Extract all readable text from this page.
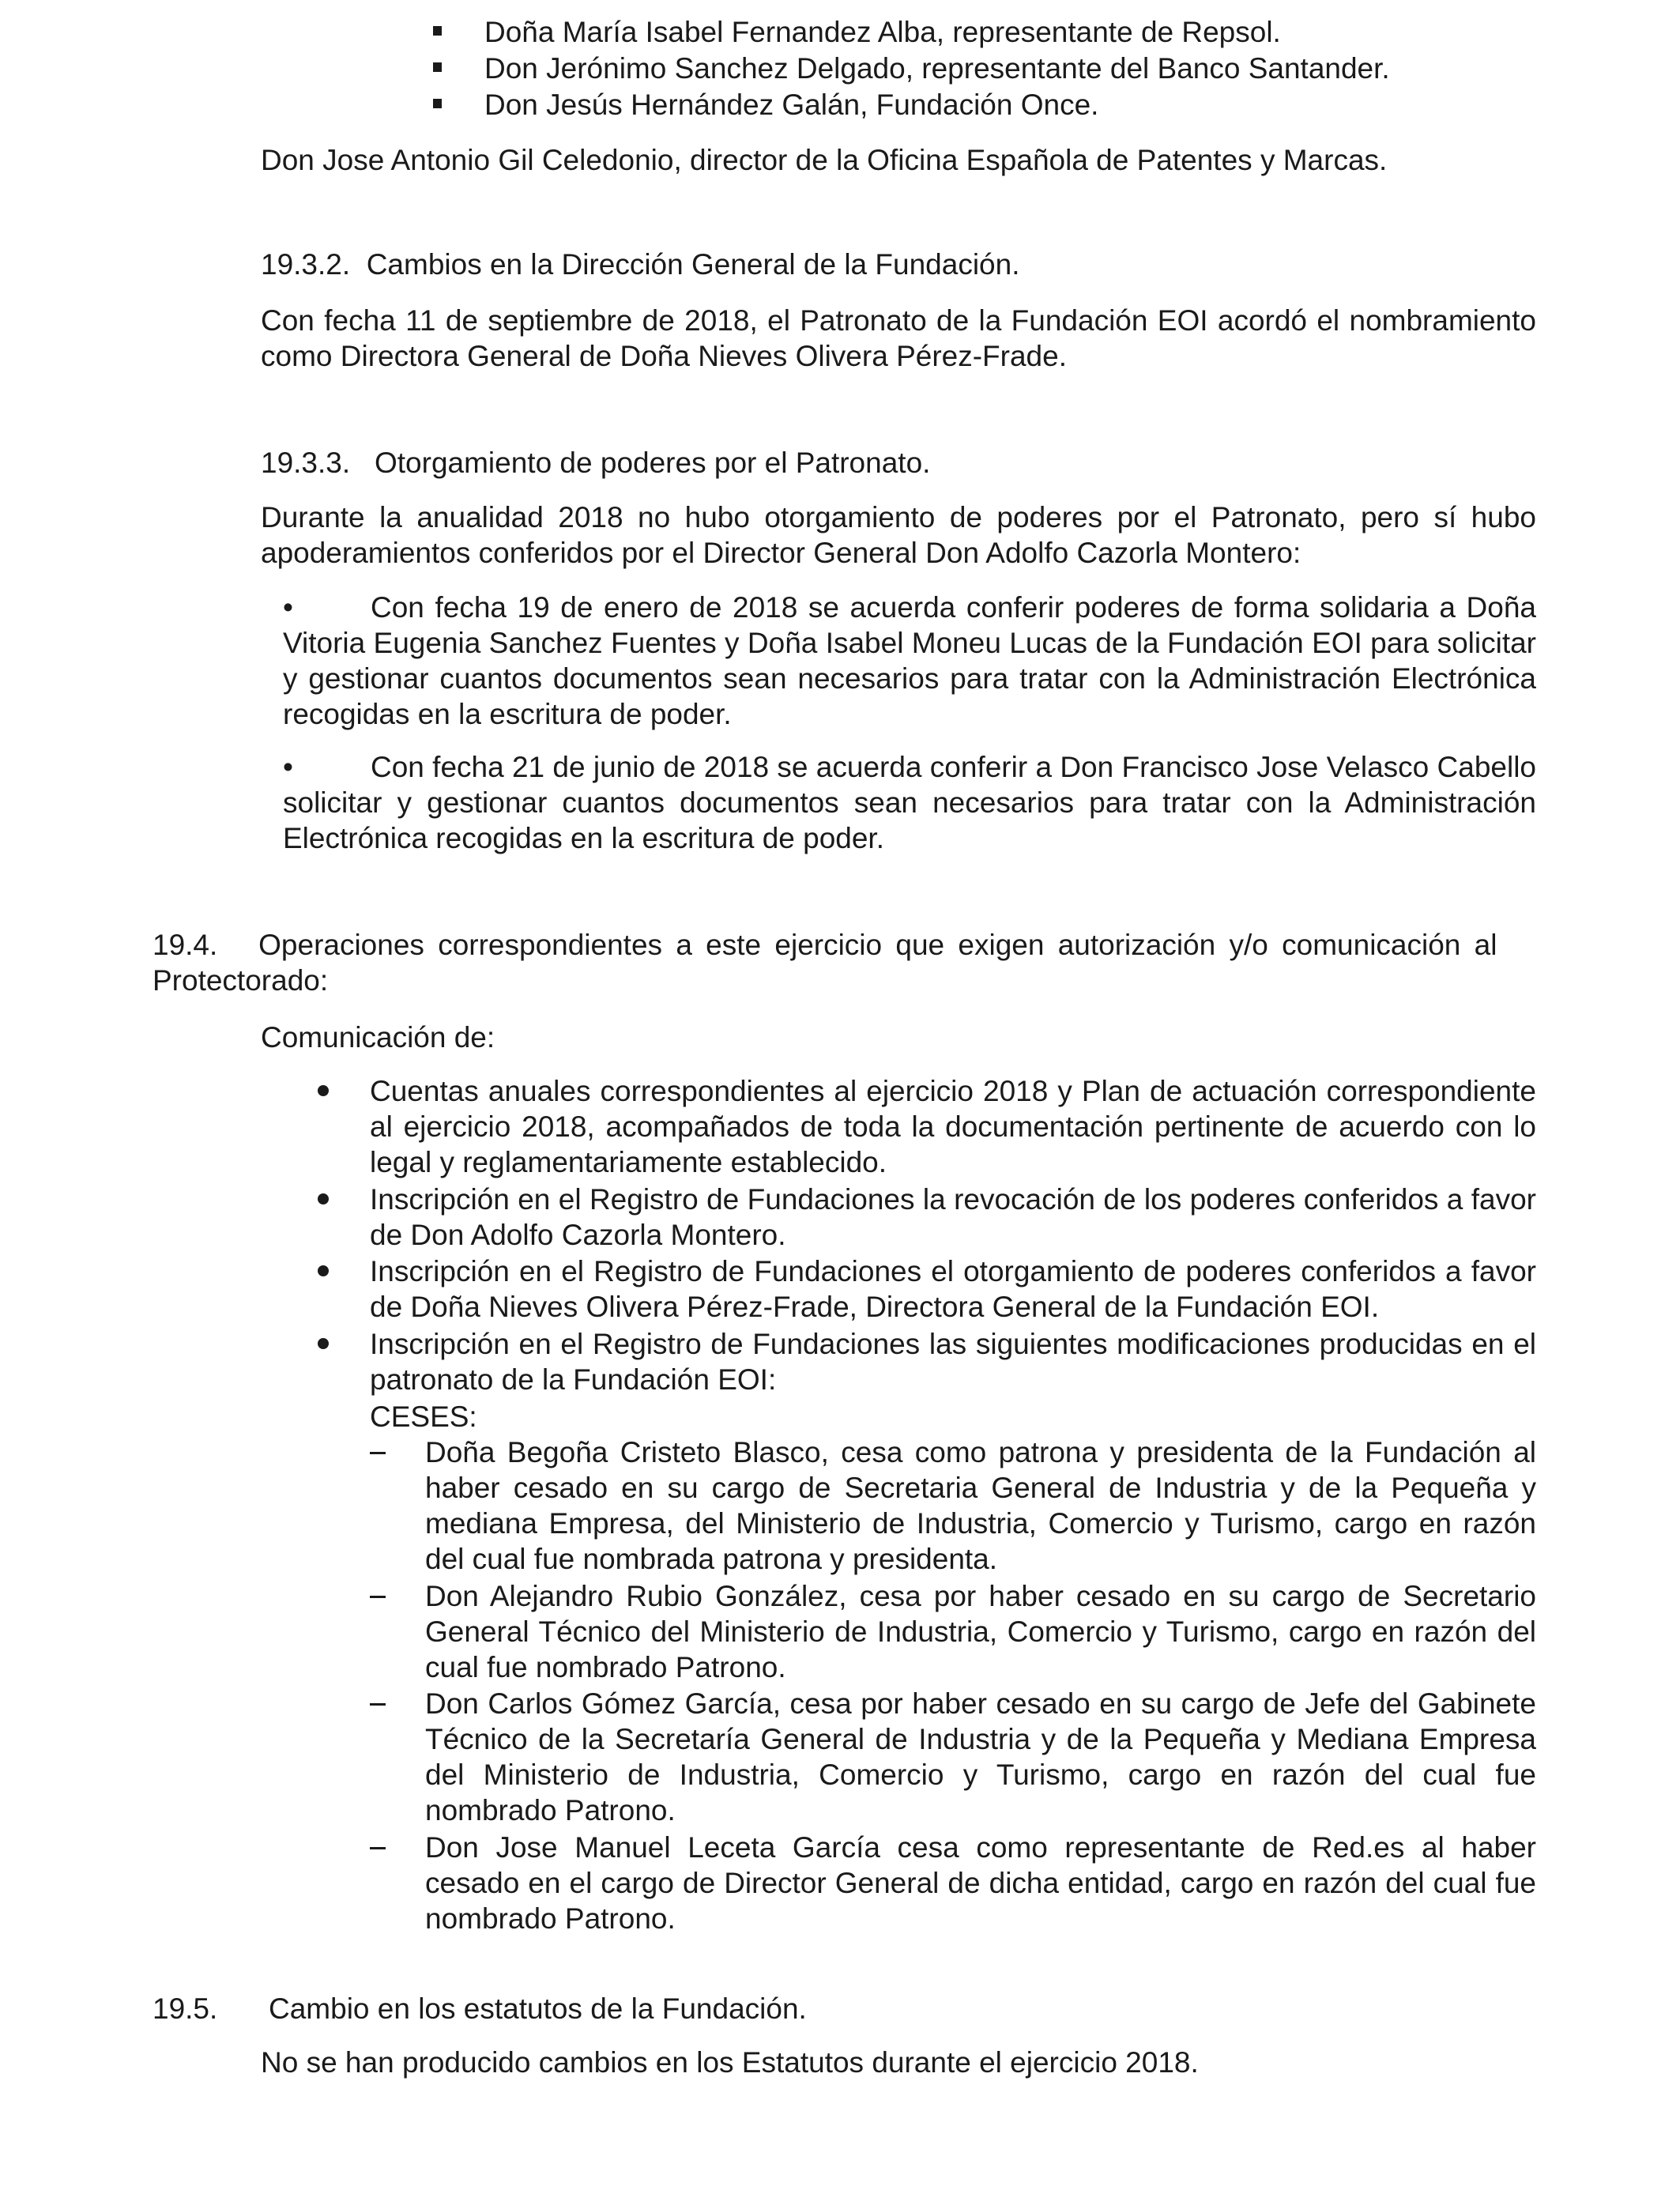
Doña María Isabel Fernandez Alba, representante de Repsol.
Don Jerónimo Sanchez Delgado, representante del Banco Santander.
Don Jesús Hernández Galán, Fundación Once.
Don Jose Antonio Gil Celedonio, director de la Oficina Española de Patentes y Marcas.
19.3.2.  Cambios en la Dirección General de la Fundación.
Con fecha 11 de septiembre de 2018, el Patronato de la Fundación EOI acordó el nombramiento como Directora General de Doña Nieves Olivera Pérez-Frade.
19.3.3.   Otorgamiento de poderes por el Patronato.
Durante la anualidad 2018 no hubo otorgamiento de poderes por el Patronato, pero sí hubo apoderamientos conferidos por el Director General Don Adolfo Cazorla Montero:
•	Con fecha 19 de enero de 2018 se acuerda conferir poderes de forma solidaria a Doña Vitoria Eugenia Sanchez Fuentes y Doña Isabel Moneu Lucas de la Fundación EOI para solicitar y gestionar cuantos documentos sean necesarios para tratar con la Administración Electrónica recogidas en la escritura de poder.
•	Con fecha 21 de junio de 2018 se acuerda conferir a Don Francisco Jose Velasco Cabello solicitar y gestionar cuantos documentos sean necesarios para tratar con la Administración Electrónica recogidas en la escritura de poder.
19.4.   Operaciones correspondientes a este ejercicio que exigen autorización y/o comunicación al Protectorado:
Comunicación de:
Cuentas anuales correspondientes al ejercicio 2018 y Plan de actuación correspondiente al ejercicio 2018, acompañados de toda la documentación pertinente de acuerdo con lo legal y reglamentariamente establecido.
Inscripción en el Registro de Fundaciones la revocación de los poderes conferidos a favor de Don Adolfo Cazorla Montero.
Inscripción en el Registro de Fundaciones el otorgamiento de poderes conferidos a favor de Doña Nieves Olivera Pérez-Frade, Directora General de la Fundación EOI.
Inscripción en el Registro de Fundaciones las siguientes modificaciones producidas en el patronato de la Fundación EOI:
CESES:
Doña Begoña Cristeto Blasco, cesa como patrona y presidenta de la Fundación al haber cesado en su cargo de Secretaria General de Industria y de la Pequeña y mediana Empresa, del Ministerio de Industria, Comercio y Turismo, cargo en razón del cual fue nombrada patrona y presidenta.
Don Alejandro Rubio González, cesa por haber cesado en su cargo de Secretario General Técnico del Ministerio de Industria, Comercio y Turismo, cargo en razón del cual fue nombrado Patrono.
Don Carlos Gómez García, cesa por haber cesado en su cargo de Jefe del Gabinete Técnico de la Secretaría General de Industria y de la Pequeña y Mediana Empresa del Ministerio de Industria, Comercio y Turismo, cargo en razón del cual fue nombrado Patrono.
Don Jose Manuel Leceta García cesa como representante de Red.es al haber cesado en el cargo de Director General de dicha entidad, cargo en razón del cual fue nombrado Patrono.
19.5. Cambio en los estatutos de la Fundación.
No se han producido cambios en los Estatutos durante el ejercicio 2018.
